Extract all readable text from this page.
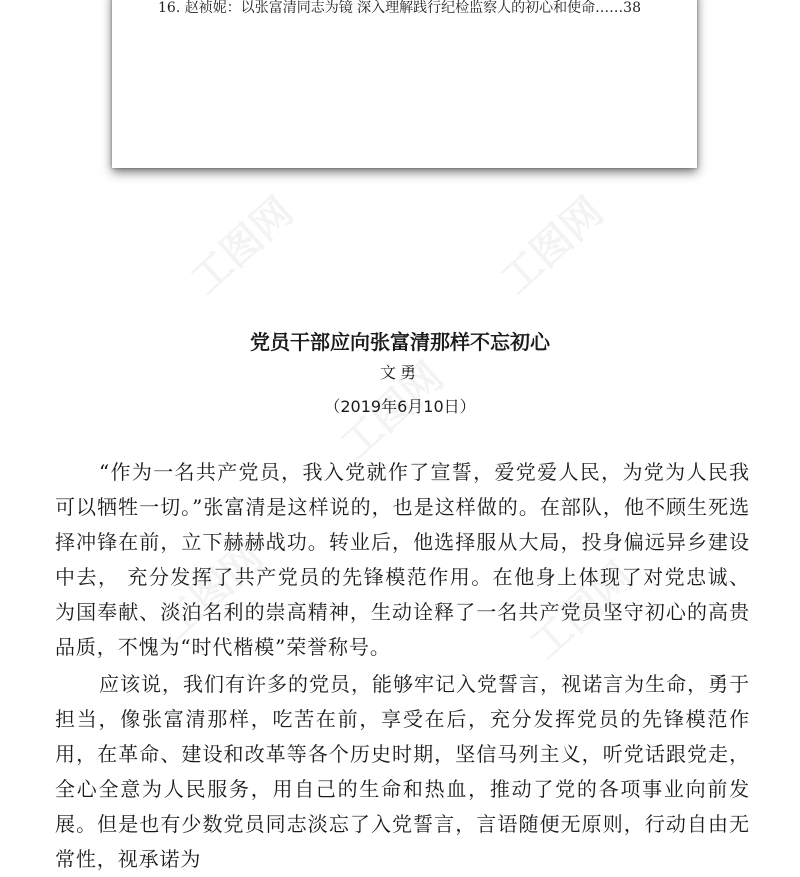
16. 赵祯妮：以张富清同志为镜 深入理解践行纪检监察人的初心和使命……38
党员干部应向张富清那样不忘初心
文勇
（2019年6月10日）

“作为一名共产党员，我入党就作了宣誓，爱党爱人民，为党为人民我可以牺牲一切。”张富清是这样说的，也是这样做的。在部队，他不顾生死选择冲锋在前，立下赫赫战功。转业后，他选择服从大局，投身偏远异乡建设中去， 充分发挥了共产党员的先锋模范作用。在他身上体现了对党忠诚、为国奉献、淡泊名利的崇高精神，生动诠释了一名共产党员坚守初心的高贵品质，不愧为“时代楷模”荣誉称号。

应该说，我们有许多的党员，能够牢记入党誓言，视诺言为生命，勇于担当，像张富清那样，吃苦在前，享受在后，充分发挥党员的先锋模范作用，在革命、建设和改革等各个历史时期，坚信马列主义，听党话跟党走，全心全意为人民服务，用自己的生命和热血，推动了党的各项事业向前发展。但是也有少数党员同志淡忘了入党誓言，言语随便无原则，行动自由无常性，视承诺为
